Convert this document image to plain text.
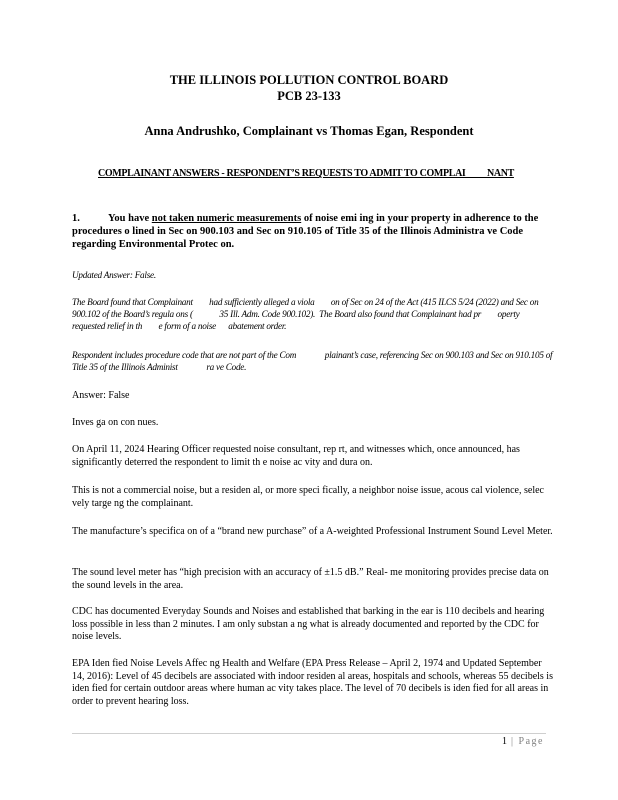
THE ILLINOIS POLLUTION CONTROL BOARD
PCB 23-133
Anna Andrushko, Complainant vs Thomas Egan, Respondent
COMPLAINANT ANSWERS - RESPONDENT’S REQUESTS TO ADMIT TO COMPLAI          NANT
1.	You have not taken numeric measurements of noise emi ing in your property in adherence to the procedures o lined in Sec on 900.103 and Sec on 910.105 of Title 35 of the Illinois Administra ve Code regarding Environmental Protec on.
Updated Answer: False.
The Board found that Complainant        had sufficiently alleged a viola        on of Sec on 24 of the Act (415 ILCS 5/24 (2022) and Sec on 900.102 of the Board’s regula ons (             35 Ill. Adm. Code 900.102).  The Board also found that Complainant had pr        operty requested relief in th        e form of a noise      abatement order.
Respondent includes procedure code that are not part of the Com              plainant’s case, referencing Sec on 900.103 and Sec on 910.105 of Title 35 of the Illinois Administ              ra ve Code.
Answer: False
Inves ga on con nues.
On April 11, 2024 Hearing Officer requested noise consultant, rep rt, and witnesses which, once announced, has significantly deterred the respondent to limit th e noise ac vity and dura on.
This is not a commercial noise, but a residen al, or more speci fically, a neighbor noise issue, acous cal violence, selec vely targe ng the complainant.
The manufacture’s specifica on of a “brand new purchase” of a A-weighted Professional Instrument Sound Level Meter.
The sound level meter has “high precision with an accuracy of ±1.5 dB.” Real- me monitoring provides precise data on the sound levels in the area.
CDC has documented Everyday Sounds and Noises and established that barking in the ear is 110 decibels and hearing loss possible in less than 2 minutes. I am only substan a ng what is already documented and reported by the CDC for noise levels.
EPA Iden fied Noise Levels Affec ng Health and Welfare (EPA Press Release – April 2, 1974 and Updated September 14, 2016): Level of 45 decibels are associated with indoor residen al areas, hospitals and schools, whereas 55 decibels is iden fied for certain outdoor areas where human ac vity takes place. The level of 70 decibels is iden fied for all areas in order to prevent hearing loss.
1 | Page
